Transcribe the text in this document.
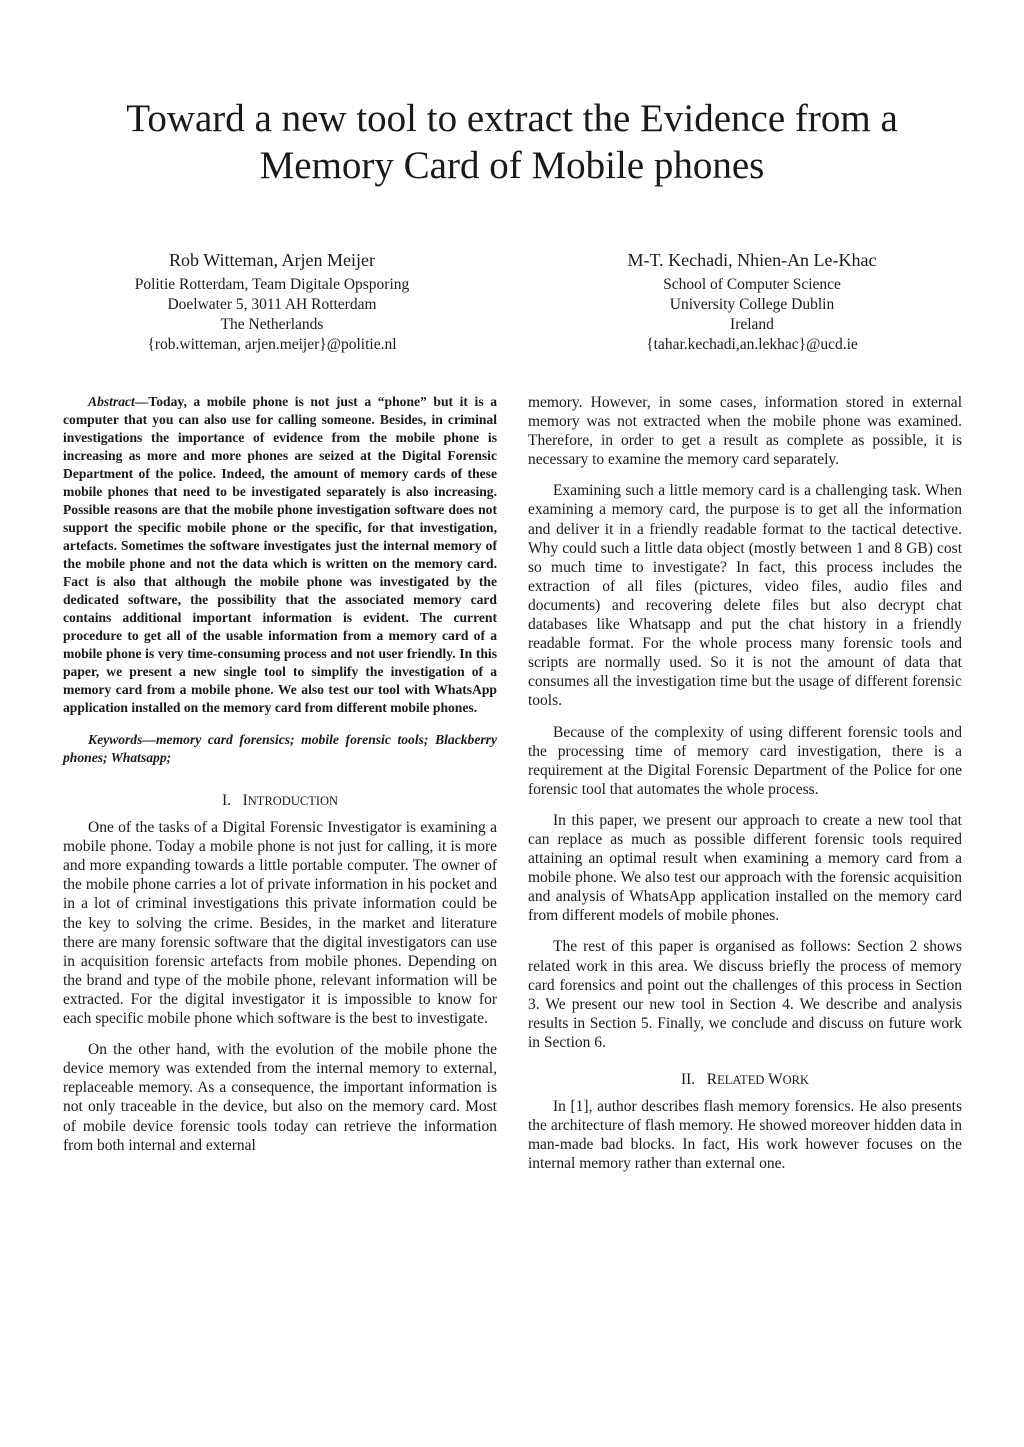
Toward a new tool to extract the Evidence from a Memory Card of Mobile phones
Rob Witteman, Arjen Meijer
Politie Rotterdam, Team Digitale Opsporing
Doelwater 5, 3011 AH Rotterdam
The Netherlands
{rob.witteman, arjen.meijer}@politie.nl
M-T. Kechadi, Nhien-An Le-Khac
School of Computer Science
University College Dublin
Ireland
{tahar.kechadi,an.lekhac}@ucd.ie

Abstract—Today, a mobile phone is not just a “phone” but it is a computer that you can also use for calling someone. Besides, in criminal investigations the importance of evidence from the mobile phone is increasing as more and more phones are seized at the Digital Forensic Department of the police. Indeed, the amount of memory cards of these mobile phones that need to be investigated separately is also increasing. Possible reasons are that the mobile phone investigation software does not support the specific mobile phone or the specific, for that investigation, artefacts. Sometimes the software investigates just the internal memory of the mobile phone and not the data which is written on the memory card. Fact is also that although the mobile phone was investigated by the dedicated software, the possibility that the associated memory card contains additional important information is evident. The current procedure to get all of the usable information from a memory card of a mobile phone is very time-consuming process and not user friendly. In this paper, we present a new single tool to simplify the investigation of a memory card from a mobile phone. We also test our tool with WhatsApp application installed on the memory card from different mobile phones.

Keywords—memory card forensics; mobile forensic tools; Blackberry phones; Whatsapp;

I. INTRODUCTION

One of the tasks of a Digital Forensic Investigator is examining a mobile phone. Today a mobile phone is not just for calling, it is more and more expanding towards a little portable computer. The owner of the mobile phone carries a lot of private information in his pocket and in a lot of criminal investigations this private information could be the key to solving the crime. Besides, in the market and literature there are many forensic software that the digital investigators can use in acquisition forensic artefacts from mobile phones. Depending on the brand and type of the mobile phone, relevant information will be extracted. For the digital investigator it is impossible to know for each specific mobile phone which software is the best to investigate.

On the other hand, with the evolution of the mobile phone the device memory was extended from the internal memory to external, replaceable memory. As a consequence, the important information is not only traceable in the device, but also on the memory card. Most of mobile device forensic tools today can retrieve the information from both internal and external

memory. However, in some cases, information stored in external memory was not extracted when the mobile phone was examined. Therefore, in order to get a result as complete as possible, it is necessary to examine the memory card separately.

Examining such a little memory card is a challenging task. When examining a memory card, the purpose is to get all the information and deliver it in a friendly readable format to the tactical detective. Why could such a little data object (mostly between 1 and 8 GB) cost so much time to investigate? In fact, this process includes the extraction of all files (pictures, video files, audio files and documents) and recovering delete files but also decrypt chat databases like Whatsapp and put the chat history in a friendly readable format. For the whole process many forensic tools and scripts are normally used. So it is not the amount of data that consumes all the investigation time but the usage of different forensic tools.

Because of the complexity of using different forensic tools and the processing time of memory card investigation, there is a requirement at the Digital Forensic Department of the Police for one forensic tool that automates the whole process.

In this paper, we present our approach to create a new tool that can replace as much as possible different forensic tools required attaining an optimal result when examining a memory card from a mobile phone. We also test our approach with the forensic acquisition and analysis of WhatsApp application installed on the memory card from different models of mobile phones.

The rest of this paper is organised as follows: Section 2 shows related work in this area. We discuss briefly the process of memory card forensics and point out the challenges of this process in Section 3. We present our new tool in Section 4. We describe and analysis results in Section 5. Finally, we conclude and discuss on future work in Section 6.

II. RELATED WORK

In [1], author describes flash memory forensics. He also presents the architecture of flash memory. He showed moreover hidden data in man-made bad blocks. In fact, His work however focuses on the internal memory rather than external one.
